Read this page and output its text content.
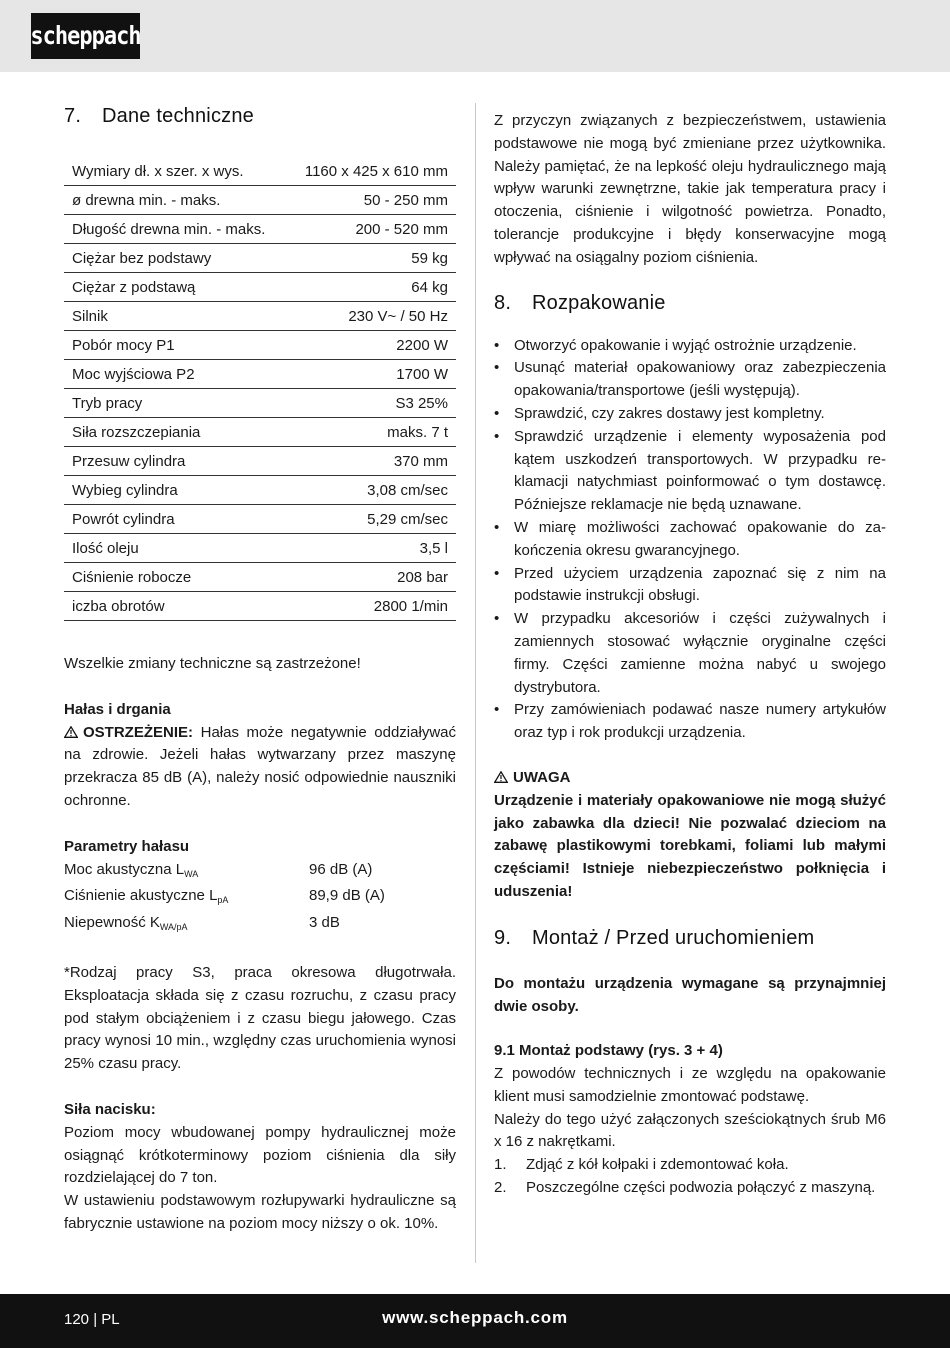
scheppach
7.	Dane techniczne
Wymiary dł. x szer. x wys.	1160 x 425 x 610 mm
ø drewna min. - maks.	50 - 250 mm
Długość drewna min. - maks.	200 - 520 mm
Ciężar bez podstawy	59 kg
Ciężar z podstawą	64 kg
Silnik	230 V~ / 50 Hz
Pobór mocy P1	2200 W
Moc wyjściowa P2	1700 W
Tryb pracy	S3 25%
Siła rozszczepiania	maks. 7 t
Przesuw cylindra	370 mm
Wybieg cylindra	3,08 cm/sec
Powrót cylindra	5,29 cm/sec
Ilość oleju	3,5 l
Ciśnienie robocze	208 bar
iczba obrotów	2800 1/min
Wszelkie zmiany techniczne są zastrzeżone!
Hałas i drgania
OSTRZEŻENIE: Hałas może negatywnie oddziaływać na zdrowie. Jeżeli hałas wytwarzany przez maszynę przekracza 85 dB (A), należy nosić odpowiednie nauszniki ochronne.
Parametry hałasu
Moc akustyczna $L_{WA}$	96 dB (A)
Ciśnienie akustyczne $L_{pA}$	89,9 dB (A)
Niepewność $K_{WA/pA}$	3 dB
*Rodzaj pracy S3, praca okresowa długotrwała. Eksploatacja składa się z czasu rozruchu, z czasu pracy pod stałym obciążeniem i z czasu biegu jałowego. Czas pracy wynosi 10 min., względny czas uruchomienia wynosi 25% czasu pracy.
Siła nacisku:
Poziom mocy wbudowanej pompy hydraulicznej może osiągnąć krótkoterminowy poziom ciśnienia dla siły rozdzielającej do 7 ton.
W ustawieniu podstawowym rozłupywarki hydrauliczne są fabrycznie ustawione na poziom mocy niższy o ok. 10%.
Z przyczyn związanych z bezpieczeństwem, ustawienia podstawowe nie mogą być zmieniane przez użytkownika. Należy pamiętać, że na lepkość oleju hydraulicznego mają wpływ warunki zewnętrzne, takie jak temperatura pracy i otoczenia, ciśnienie i wilgotność powietrza. Ponadto, tolerancje produkcyjne i błędy konserwacyjne mogą wpływać na osiągalny poziom ciśnienia.
8.	Rozpakowanie
• Otworzyć opakowanie i wyjąć ostrożnie urządzenie.
• Usunąć materiał opakowaniowy oraz zabezpieczenia opakowania/transportowe (jeśli występują).
• Sprawdzić, czy zakres dostawy jest kompletny.
• Sprawdzić urządzenie i elementy wyposażenia pod kątem uszkodzeń transportowych. W przypadku reklamacji natychmiast poinformować o tym dostawcę. Późniejsze reklamacje nie będą uznawane.
• W miarę możliwości zachować opakowanie do zakończenia okresu gwarancyjnego.
• Przed użyciem urządzenia zapoznać się z nim na podstawie instrukcji obsługi.
• W przypadku akcesoriów i części zużywalnych i zamiennych stosować wyłącznie oryginalne części firmy. Części zamienne można nabyć u swojego dystrybutora.
• Przy zamówieniach podawać nasze numery artykułów oraz typ i rok produkcji urządzenia.
UWAGA
Urządzenie i materiały opakowaniowe nie mogą służyć jako zabawka dla dzieci! Nie pozwalać dzieciom na zabawę plastikowymi torebkami, foliami lub małymi częściami! Istnieje niebezpieczeństwo połknięcia i uduszenia!
9.	Montaż / Przed uruchomieniem
Do montażu urządzenia wymagane są przynajmniej dwie osoby.
9.1 Montaż podstawy (rys. 3 + 4)
Z powodów technicznych i ze względu na opakowanie klient musi samodzielnie zmontować podstawę.
Należy do tego użyć załączonych sześciokątnych śrub M6 x 16 z nakrętkami.
1.	Zdjąć z kół kołpaki i zdemontować koła.
2.	Poszczególne części podwozia połączyć z maszyną.
120 | PL	www.scheppach.com
